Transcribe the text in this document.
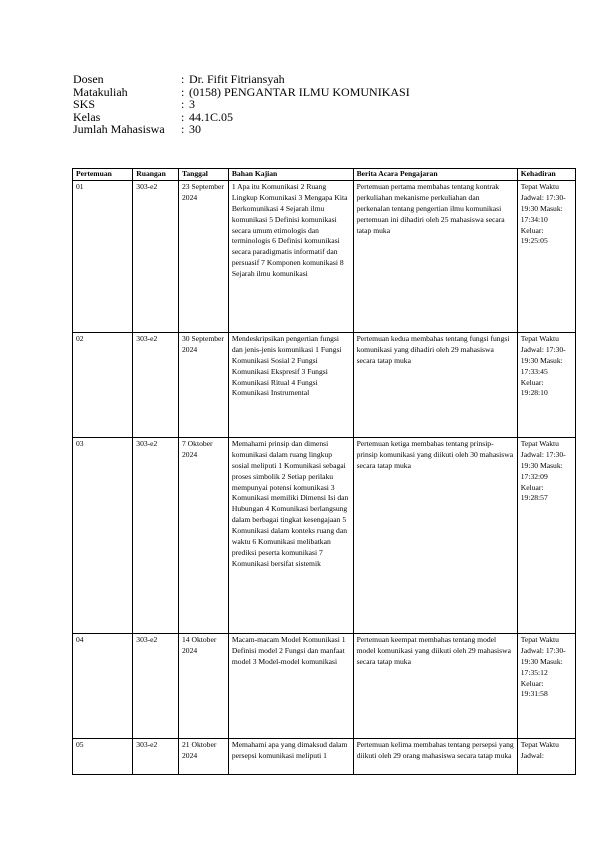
Dosen	: Dr. Fifit Fitriansyah
Matakuliah	: (0158) PENGANTAR ILMU KOMUNIKASI
SKS	: 3
Kelas	: 44.1C.05
Jumlah Mahasiswa	: 30
Pertemuan	Ruangan	Tanggal	Bahan Kajian	Berita Acara Pengajaran	Kehadiran
01	303-e2	23 September 2024	1 Apa itu Komunikasi 2 Ruang Lingkup Komunikasi 3 Mengapa Kita Berkomunikasi 4 Sejarah ilmu komunikasi 5 Definisi komunikasi secara umum etimologis dan terminologis 6 Definisi komunikasi secara paradigmatis informatif dan persuasif 7 Komponen komunikasi 8 Sejarah ilmu komunikasi	Pertemuan pertama membahas tentang kontrak perkuliahan mekanisme perkuliahan dan perkenalan tentang pengertian ilmu komunikasi pertemuan ini dihadiri oleh 25 mahasiswa secara tatap muka	Tepat Waktu Jadwal: 17:30-19:30 Masuk: 17:34:10 Keluar: 19:25:05
02	303-e2	30 September 2024	Mendeskripsikan pengertian fungsi dan jenis-jenis komunikasi 1 Fungsi Komunikasi Sosial 2 Fungsi Komunikasi Ekspresif 3 Fungsi Komunikasi Ritual 4 Fungsi Komunikasi Instrumental	Pertemuan kedua membahas tentang fungsi fungsi komunikasi yang dihadiri oleh 29 mahasiswa secara tatap muka	Tepat Waktu Jadwal: 17:30-19:30 Masuk: 17:33:45 Keluar: 19:28:10
03	303-e2	7 Oktober 2024	Memahami prinsip dan dimensi komunikasi dalam ruang lingkup sosial meliputi 1 Komunikasi sebagai proses simbolik 2 Setiap perilaku mempunyai potensi komunikasi 3 Komunikasi memiliki Dimensi Isi dan Hubungan 4 Komunikasi berlangsung dalam berbagai tingkat kesengajaan 5 Komunikasi dalam konteks ruang dan waktu 6 Komunikasi melibatkan prediksi peserta komunikasi 7 Komunikasi bersifat sistemik	Pertemuan ketiga membahas tentang prinsip-prinsip komunikasi yang diikuti oleh 30 mahasiswa secara tatap muka	Tepat Waktu Jadwal: 17:30-19:30 Masuk: 17:32:09 Keluar: 19:28:57
04	303-e2	14 Oktober 2024	Macam-macam Model Komunikasi 1 Definisi model 2 Fungsi dan manfaat model 3 Model-model komunikasi	Pertemuan keempat membahas tentang model model komunikasi yang diikuti oleh 29 mahasiswa secara tatap muka	Tepat Waktu Jadwal: 17:30-19:30 Masuk: 17:35:12 Keluar: 19:31:58
05	303-e2	21 Oktober 2024	Memahami apa yang dimaksud dalam persepsi komunikasi meliputi 1	Pertemuan kelima membahas tentang persepsi yang diikuti oleh 29 orang mahasiswa secara tatap muka	Tepat Waktu Jadwal:
